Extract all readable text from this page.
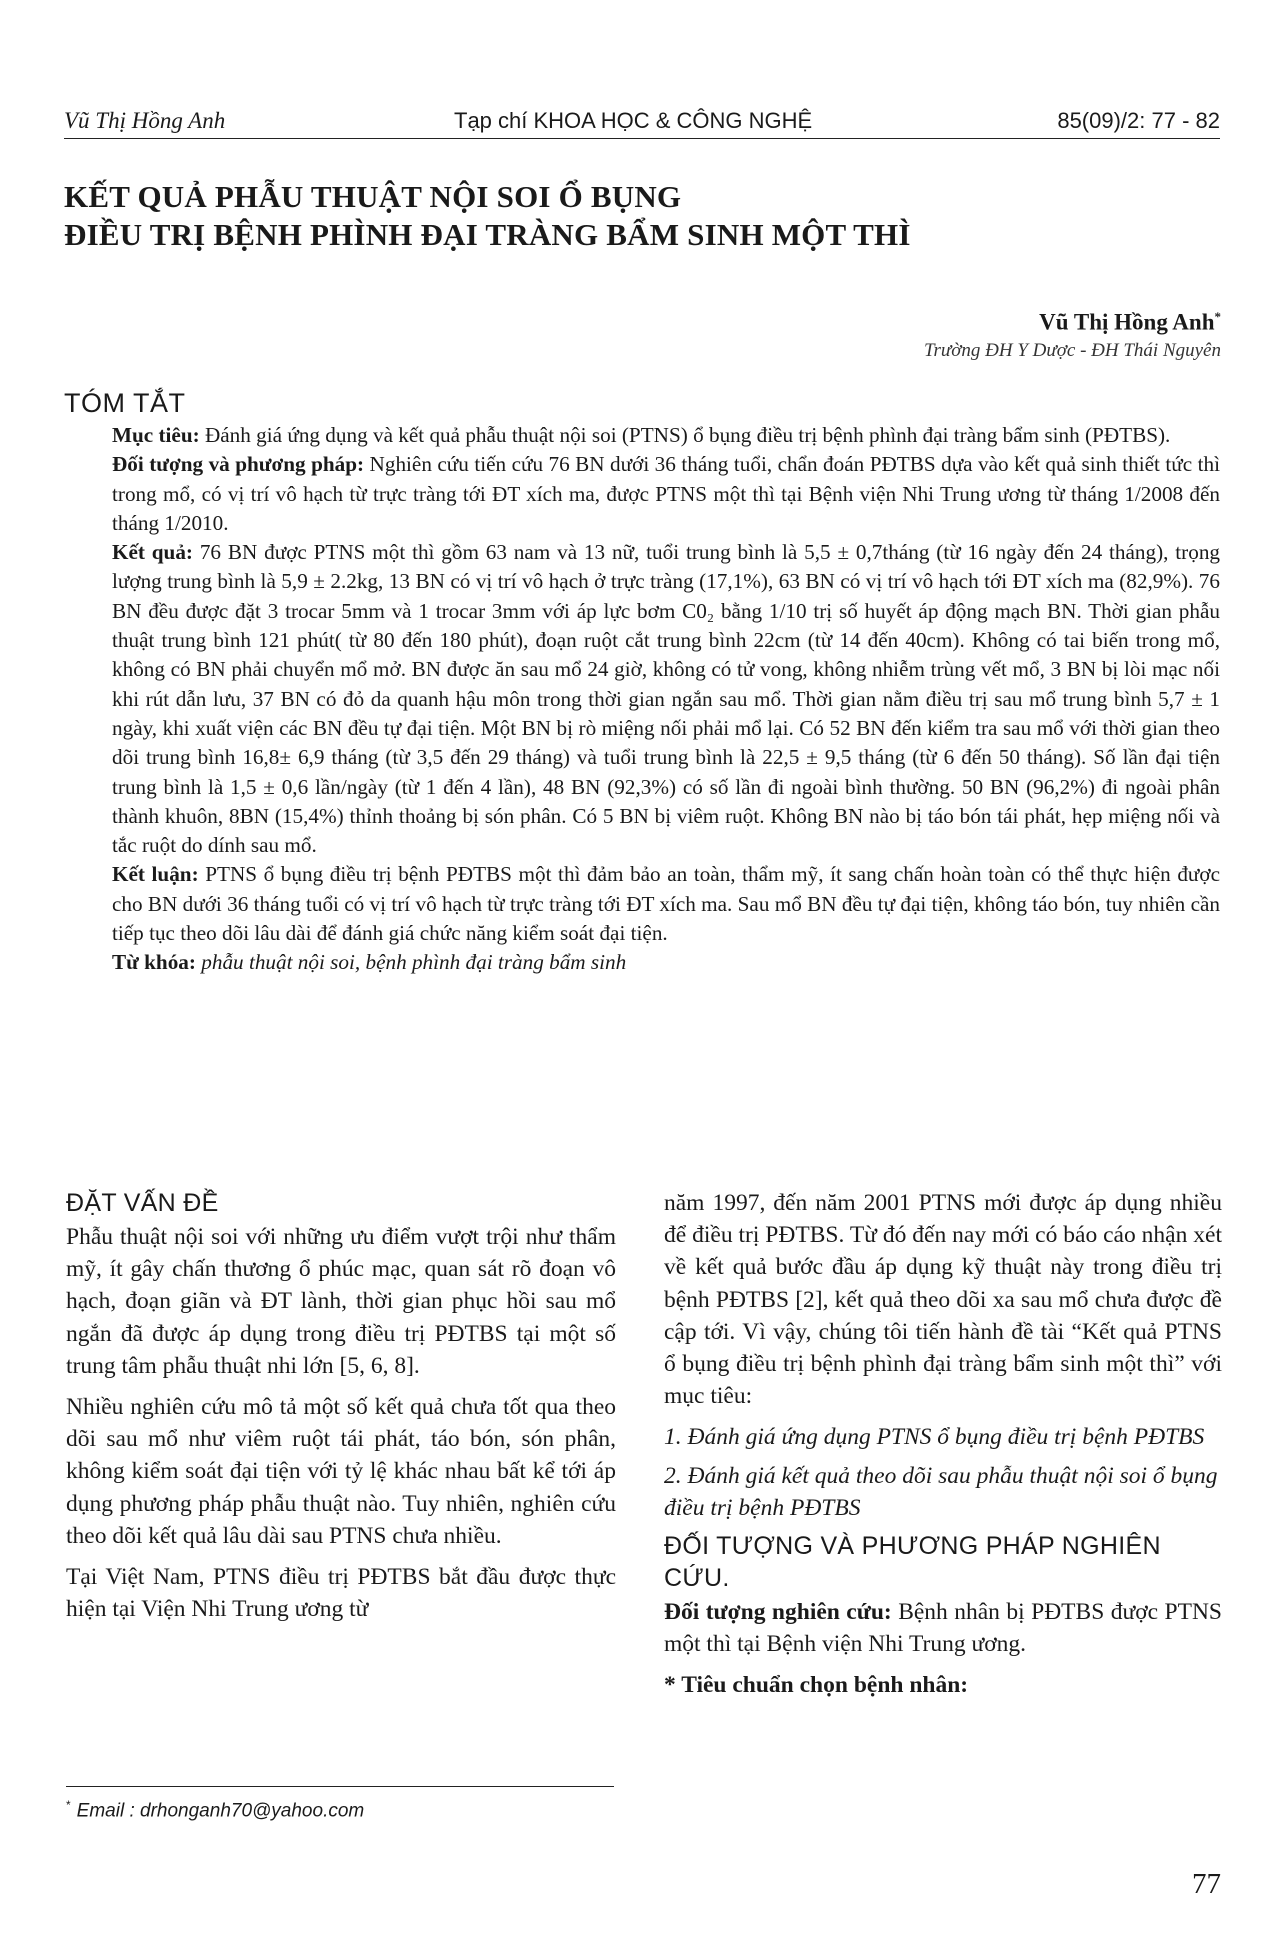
Vũ Thị Hồng Anh	Tạp chí KHOA HỌC & CÔNG NGHỆ	85(09)/2: 77 - 82
KẾT QUẢ PHẪU THUẬT NỘI SOI Ổ BỤNG
ĐIỀU TRỊ BỆNH PHÌNH ĐẠI TRÀNG BẨM SINH MỘT THÌ
Vũ Thị Hồng Anh*
Trường ĐH Y Dược - ĐH Thái Nguyên
TÓM TẮT

Mục tiêu: Đánh giá ứng dụng và kết quả phẫu thuật nội soi (PTNS) ổ bụng điều trị bệnh phình đại tràng bẩm sinh (PĐTBS).

Đối tượng và phương pháp: Nghiên cứu tiến cứu 76 BN dưới 36 tháng tuổi, chẩn đoán PĐTBS dựa vào kết quả sinh thiết tức thì trong mổ, có vị trí vô hạch từ trực tràng tới ĐT xích ma, được PTNS một thì tại Bệnh viện Nhi Trung ương từ tháng 1/2008 đến tháng 1/2010.

Kết quả: 76 BN được PTNS một thì gồm 63 nam và 13 nữ, tuổi trung bình là 5,5 ± 0,7tháng (từ 16 ngày đến 24 tháng), trọng lượng trung bình là 5,9 ± 2.2kg, 13 BN có vị trí vô hạch ở trực tràng (17,1%), 63 BN có vị trí vô hạch tới ĐT xích ma (82,9%). 76 BN đều được đặt 3 trocar 5mm và 1 trocar 3mm với áp lực bơm C0₂ bằng 1/10 trị số huyết áp động mạch BN. Thời gian phẫu thuật trung bình 121 phút( từ 80 đến 180 phút), đoạn ruột cắt trung bình 22cm (từ 14 đến 40cm). Không có tai biến trong mổ, không có BN phải chuyển mổ mở. BN được ăn sau mổ 24 giờ, không có tử vong, không nhiễm trùng vết mổ, 3 BN bị lòi mạc nối khi rút dẫn lưu, 37 BN có đỏ da quanh hậu môn trong thời gian ngắn sau mổ. Thời gian nằm điều trị sau mổ trung bình 5,7 ± 1 ngày, khi xuất viện các BN đều tự đại tiện. Một BN bị rò miệng nối phải mổ lại. Có 52 BN đến kiểm tra sau mổ với thời gian theo dõi trung bình 16,8± 6,9 tháng (từ 3,5 đến 29 tháng) và tuổi trung bình là 22,5 ± 9,5 tháng (từ 6 đến 50 tháng). Số lần đại tiện trung bình là 1,5 ± 0,6 lần/ngày (từ 1 đến 4 lần), 48 BN (92,3%) có số lần đi ngoài bình thường. 50 BN (96,2%) đi ngoài phân thành khuôn, 8BN (15,4%) thỉnh thoảng bị són phân. Có 5 BN bị viêm ruột. Không BN nào bị táo bón tái phát, hẹp miệng nối và tắc ruột do dính sau mổ.

Kết luận: PTNS ổ bụng điều trị bệnh PĐTBS một thì đảm bảo an toàn, thẩm mỹ, ít sang chấn hoàn toàn có thể thực hiện được cho BN dưới 36 tháng tuổi có vị trí vô hạch từ trực tràng tới ĐT xích ma. Sau mổ BN đều tự đại tiện, không táo bón, tuy nhiên cần tiếp tục theo dõi lâu dài để đánh giá chức năng kiểm soát đại tiện.

Từ khóa: phẫu thuật nội soi, bệnh phình đại tràng bẩm sinh

ĐẶT VẤN ĐỀ

Phẫu thuật nội soi với những ưu điểm vượt trội như thẩm mỹ, ít gây chấn thương ổ phúc mạc, quan sát rõ đoạn vô hạch, đoạn giãn và ĐT lành, thời gian phục hồi sau mổ ngắn đã được áp dụng trong điều trị PĐTBS tại một số trung tâm phẫu thuật nhi lớn [5, 6, 8].

Nhiều nghiên cứu mô tả một số kết quả chưa tốt qua theo dõi sau mổ như viêm ruột tái phát, táo bón, són phân, không kiểm soát đại tiện với tỷ lệ khác nhau bất kể tới áp dụng phương pháp phẫu thuật nào. Tuy nhiên, nghiên cứu theo dõi kết quả lâu dài sau PTNS chưa nhiều.

Tại Việt Nam, PTNS điều trị PĐTBS bắt đầu được thực hiện tại Viện Nhi Trung ương từ

năm 1997, đến năm 2001 PTNS mới được áp dụng nhiều để điều trị PĐTBS. Từ đó đến nay mới có báo cáo nhận xét về kết quả bước đầu áp dụng kỹ thuật này trong điều trị bệnh PĐTBS [2], kết quả theo dõi xa sau mổ chưa được đề cập tới. Vì vậy, chúng tôi tiến hành đề tài “Kết quả PTNS ổ bụng điều trị bệnh phình đại tràng bẩm sinh một thì” với mục tiêu:

1. Đánh giá ứng dụng PTNS ổ bụng điều trị bệnh PĐTBS

2. Đánh giá kết quả theo dõi sau phẫu thuật nội soi ổ bụng điều trị bệnh PĐTBS

ĐỐI TƯỢNG VÀ PHƯƠNG PHÁP NGHIÊN CỨU.

Đối tượng nghiên cứu: Bệnh nhân bị PĐTBS được PTNS một thì tại Bệnh viện Nhi Trung ương.

* Tiêu chuẩn chọn bệnh nhân:

* Email : drhonganh70@yahoo.com
77
